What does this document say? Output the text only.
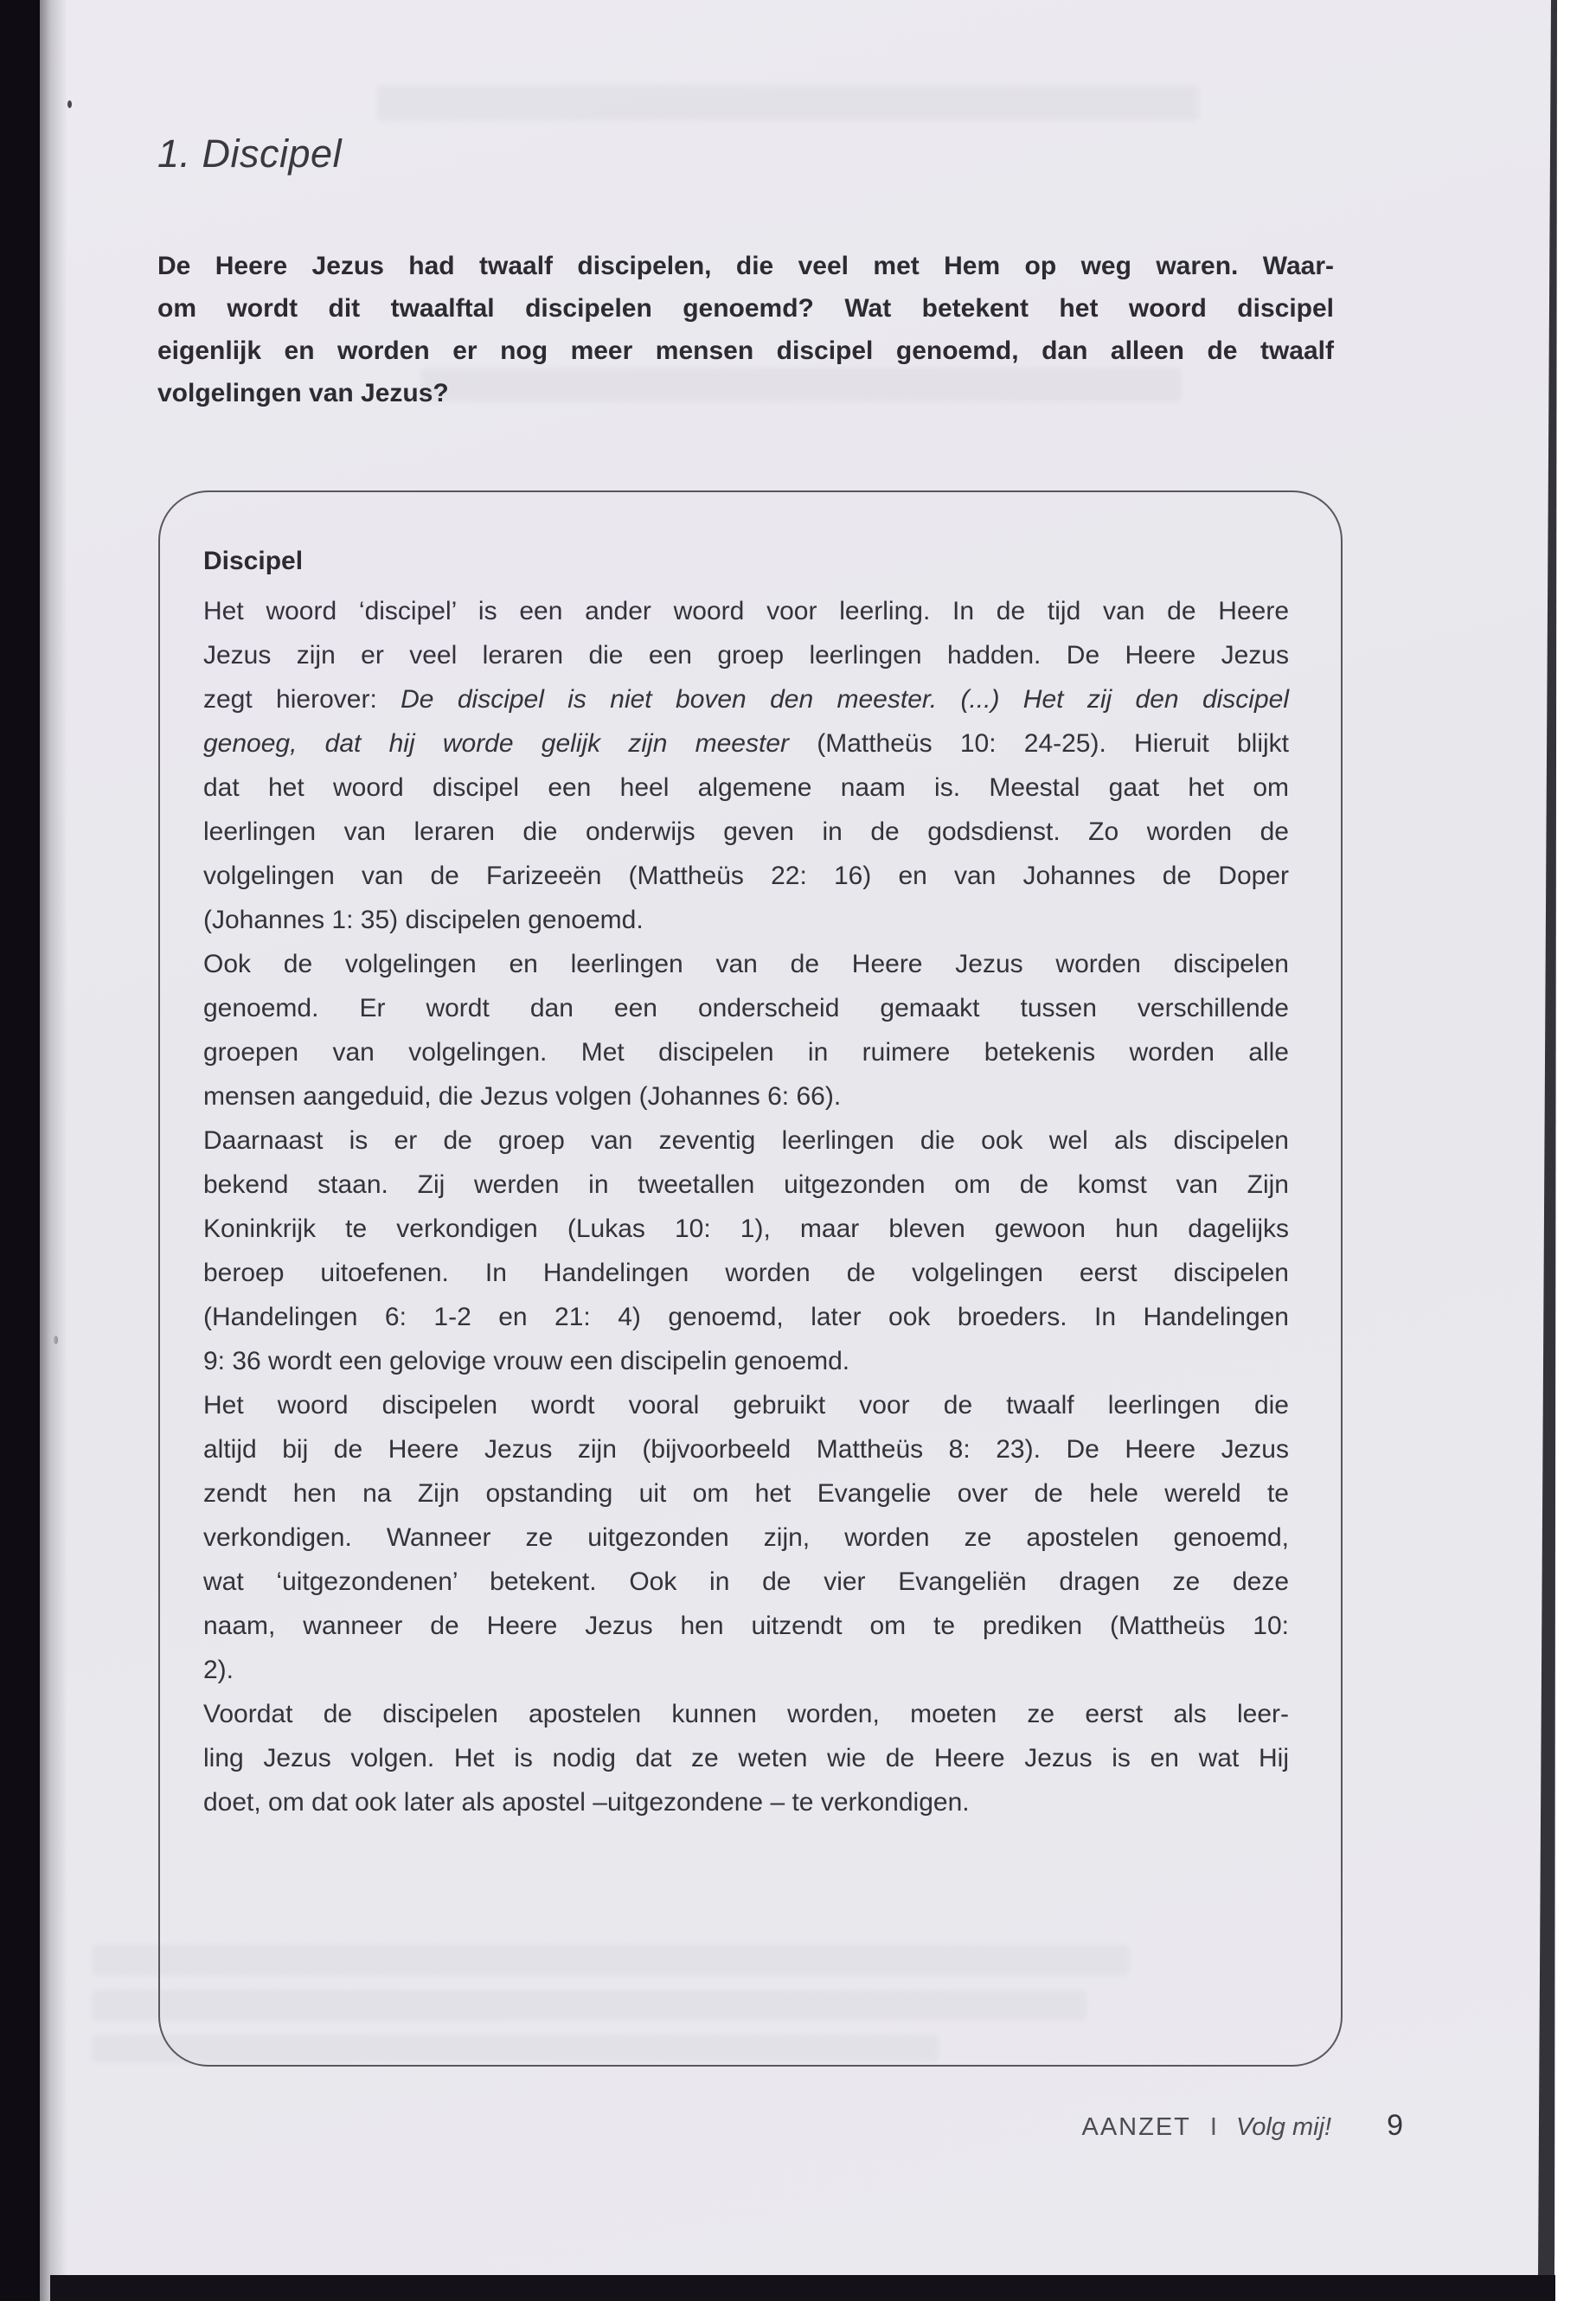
1. Discipel
De Heere Jezus had twaalf discipelen, die veel met Hem op weg waren. Waar-
om wordt dit twaalftal discipelen genoemd? Wat betekent het woord discipel
eigenlijk en worden er nog meer mensen discipel genoemd, dan alleen de twaalf
volgelingen van Jezus?
Discipel
Het woord ‘discipel’ is een ander woord voor leerling. In de tijd van de Heere
Jezus zijn er veel leraren die een groep leerlingen hadden. De Heere Jezus
zegt hierover: De discipel is niet boven den meester. (...) Het zij den discipel
genoeg, dat hij worde gelijk zijn meester (Mattheüs 10: 24-25). Hieruit blijkt
dat het woord discipel een heel algemene naam is. Meestal gaat het om
leerlingen van leraren die onderwijs geven in de godsdienst. Zo worden de
volgelingen van de Farizeeën (Mattheüs 22: 16) en van Johannes de Doper
(Johannes 1: 35) discipelen genoemd.
Ook de volgelingen en leerlingen van de Heere Jezus worden discipelen
genoemd. Er wordt dan een onderscheid gemaakt tussen verschillende
groepen van volgelingen. Met discipelen in ruimere betekenis worden alle
mensen aangeduid, die Jezus volgen (Johannes 6: 66).
Daarnaast is er de groep van zeventig leerlingen die ook wel als discipelen
bekend staan. Zij werden in tweetallen uitgezonden om de komst van Zijn
Koninkrijk te verkondigen (Lukas 10: 1), maar bleven gewoon hun dagelijks
beroep uitoefenen. In Handelingen worden de volgelingen eerst discipelen
(Handelingen 6: 1-2 en 21: 4) genoemd, later ook broeders. In Handelingen
9: 36 wordt een gelovige vrouw een discipelin genoemd.
Het woord discipelen wordt vooral gebruikt voor de twaalf leerlingen die
altijd bij de Heere Jezus zijn (bijvoorbeeld Mattheüs 8: 23). De Heere Jezus
zendt hen na Zijn opstanding uit om het Evangelie over de hele wereld te
verkondigen. Wanneer ze uitgezonden zijn, worden ze apostelen genoemd,
wat ‘uitgezondenen’ betekent. Ook in de vier Evangeliën dragen ze deze
naam, wanneer de Heere Jezus hen uitzendt om te prediken (Mattheüs 10:
2).
Voordat de discipelen apostelen kunnen worden, moeten ze eerst als leer-
ling Jezus volgen. Het is nodig dat ze weten wie de Heere Jezus is en wat Hij
doet, om dat ook later als apostel –uitgezondene – te verkondigen.
AANZET I Volg mij! 9
